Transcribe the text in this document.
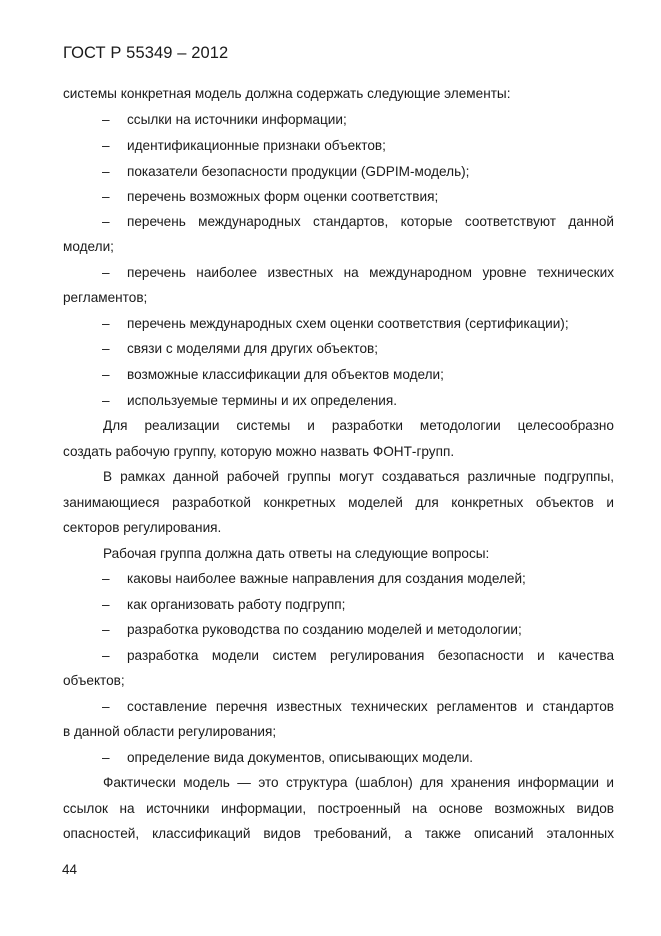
ГОСТ Р 55349 – 2012
системы конкретная модель должна содержать следующие элементы:
– ссылки на источники информации;
– идентификационные признаки объектов;
– показатели безопасности продукции (GDPIM-модель);
– перечень возможных форм оценки соответствия;
– перечень международных стандартов, которые соответствуют данной
модели;
– перечень наиболее известных на международном уровне технических
регламентов;
– перечень международных схем оценки соответствия (сертификации);
– связи с моделями для других объектов;
– возможные классификации для объектов модели;
– используемые термины и их определения.
Для реализации системы и разработки методологии целесообразно
создать рабочую группу, которую можно назвать ФОНТ-групп.
В рамках данной рабочей группы могут создаваться различные подгруппы,
занимающиеся разработкой конкретных моделей для конкретных объектов и
секторов регулирования.
Рабочая группа должна дать ответы на следующие вопросы:
– каковы наиболее важные направления для создания моделей;
– как организовать работу подгрупп;
– разработка руководства по созданию моделей и методологии;
– разработка модели систем регулирования безопасности и качества
объектов;
– составление перечня известных технических регламентов и стандартов
в данной области регулирования;
– определение вида документов, описывающих модели.
Фактически модель — это структура (шаблон) для хранения информации и
ссылок на источники информации, построенный на основе возможных видов
опасностей, классификаций видов требований, а также описаний эталонных
44
